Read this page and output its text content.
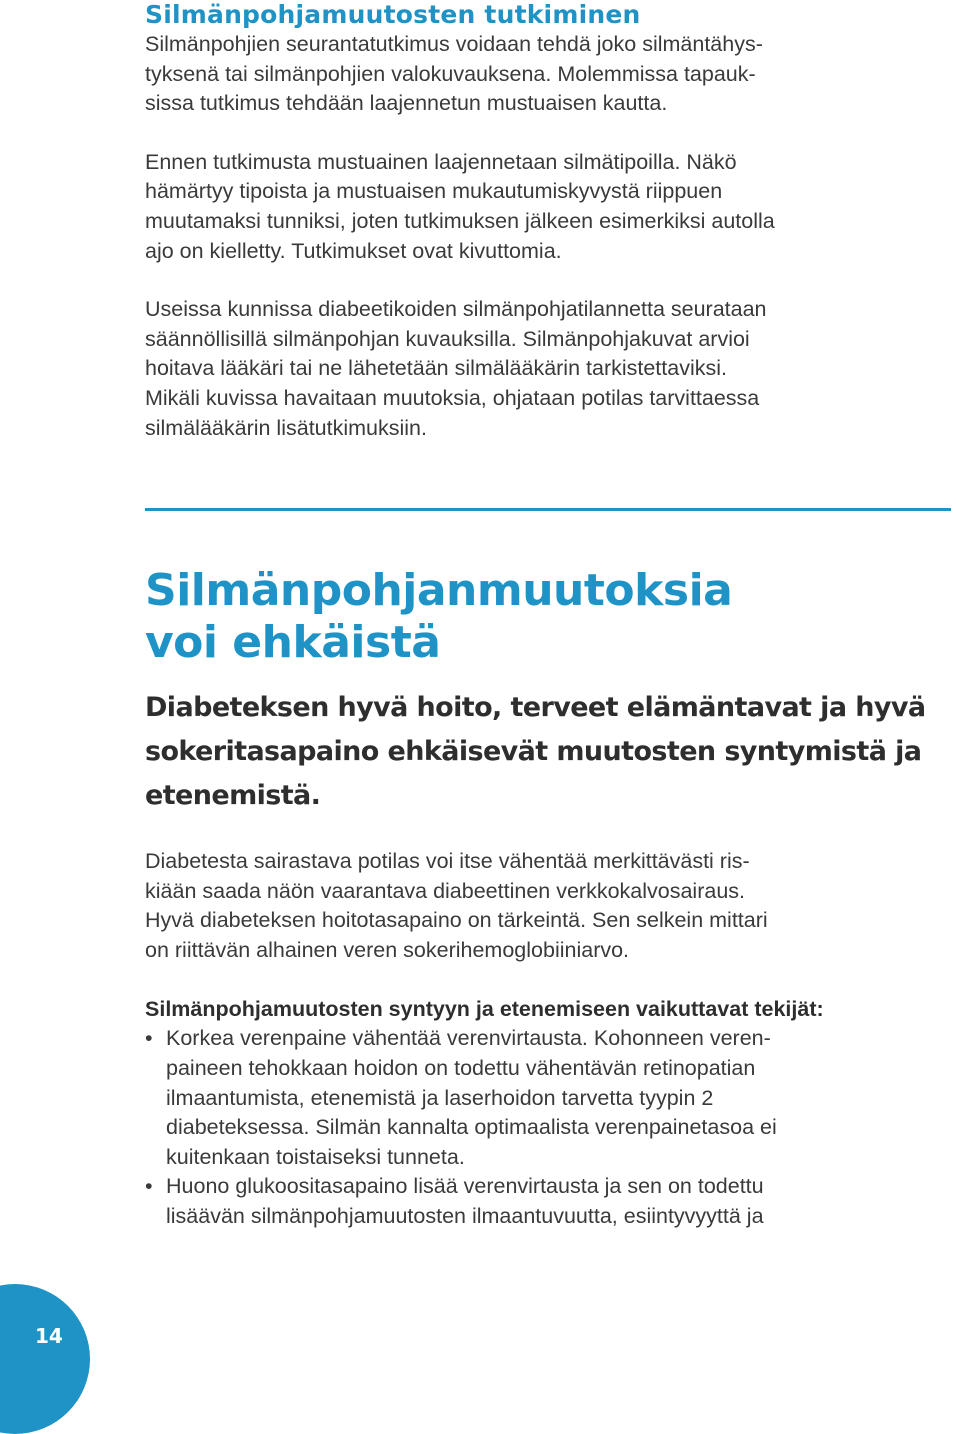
Silmänpohjamuutosten tutkiminen

Silmänpohjien seurantatutkimus voidaan tehdä joko silmäntähys-
tyksenä tai silmänpohjien valokuvauksena. Molemmissa tapauk-
sissa tutkimus tehdään laajennetun mustuaisen kautta.

Ennen tutkimusta mustuainen laajennetaan silmätipoilla. Näkö
hämärtyy tipoista ja mustuaisen mukautumiskyvystä riippuen
muutamaksi tunniksi, joten tutkimuksen jälkeen esimerkiksi autolla
ajo on kielletty. Tutkimukset ovat kivuttomia.

Useissa kunnissa diabeetikoiden silmänpohjatilannetta seurataan
säännöllisillä silmänpohjan kuvauksilla. Silmänpohjakuvat arvioi
hoitava lääkäri tai ne lähetetään silmälääkärin tarkistettaviksi.
Mikäli kuvissa havaitaan muutoksia, ohjataan potilas tarvittaessa
silmälääkärin lisätutkimuksiin.

Silmänpohjanmuutoksia
voi ehkäistä

Diabeteksen hyvä hoito, terveet elämäntavat ja hyvä
sokeritasapaino ehkäisevät muutosten syntymistä ja
etenemistä.

Diabetesta sairastava potilas voi itse vähentää merkittävästi ris-
kiään saada näön vaarantava diabeettinen verkkokalvosairaus.
Hyvä diabeteksen hoitotasapaino on tärkeintä. Sen selkein mittari
on riittävän alhainen veren sokerihemoglobiiniarvo.

Silmänpohjamuutosten syntyyn ja etenemiseen vaikuttavat tekijät:
• Korkea verenpaine vähentää verenvirtausta. Kohonneen veren-
paineen tehokkaan hoidon on todettu vähentävän retinopatian
ilmaantumista, etenemistä ja laserhoidon tarvetta tyypin 2
diabeteksessa. Silmän kannalta optimaalista verenpainetasoa ei
kuitenkaan toistaiseksi tunneta.
• Huono glukoositasapaino lisää verenvirtausta ja sen on todettu
lisäävän silmänpohjamuutosten ilmaantuvuutta, esiintyvyyttä ja
14
